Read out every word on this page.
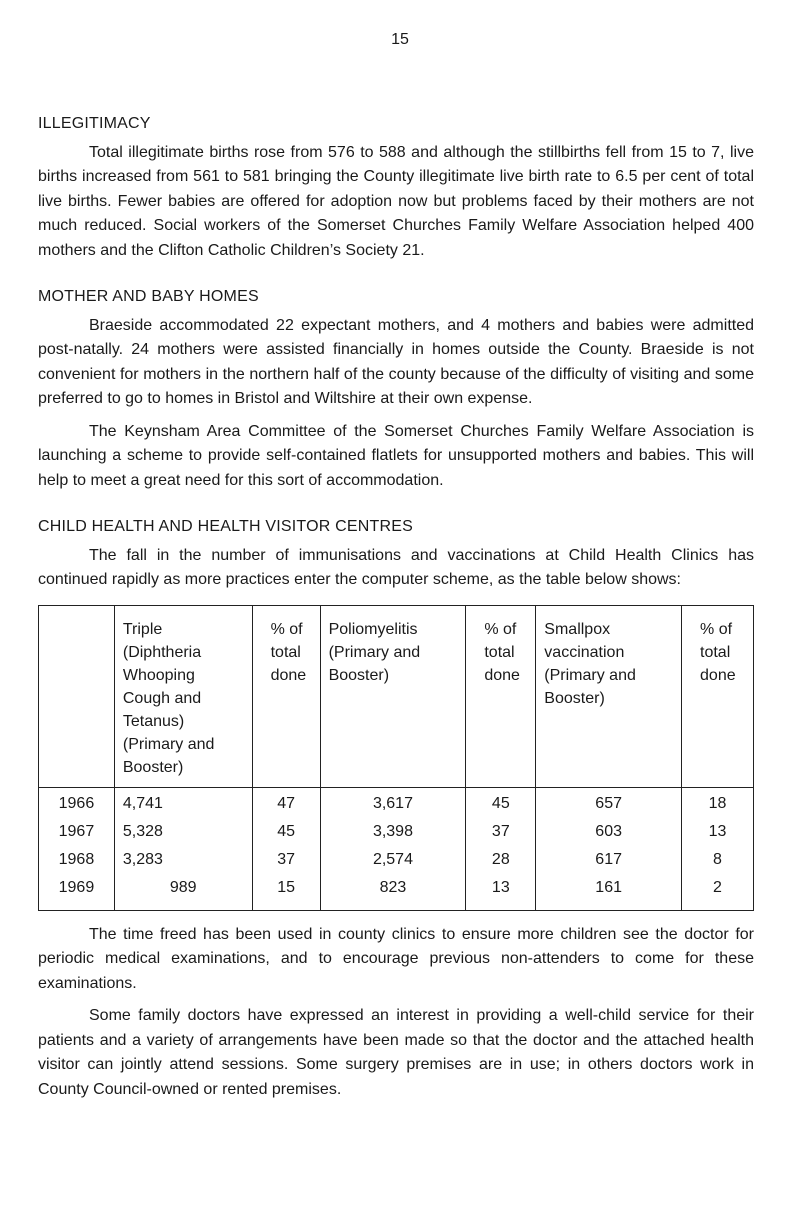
15
ILLEGITIMACY

Total illegitimate births rose from 576 to 588 and although the stillbirths fell from 15 to 7, live births increased from 561 to 581 bringing the County illegitimate live birth rate to 6.5 per cent of total live births. Fewer babies are offered for adoption now but problems faced by their mothers are not much reduced. Social workers of the Somerset Churches Family Welfare Association helped 400 mothers and the Clifton Catholic Children’s Society 21.

MOTHER AND BABY HOMES

Braeside accommodated 22 expectant mothers, and 4 mothers and babies were admitted post-natally. 24 mothers were assisted financially in homes outside the County. Braeside is not convenient for mothers in the northern half of the county because of the difficulty of visiting and some preferred to go to homes in Bristol and Wiltshire at their own expense.

The Keynsham Area Committee of the Somerset Churches Family Welfare Association is launching a scheme to provide self-contained flatlets for unsupported mothers and babies. This will help to meet a great need for this sort of accommodation.

CHILD HEALTH AND HEALTH VISITOR CENTRES

The fall in the number of immunisations and vaccinations at Child Health Clinics has continued rapidly as more practices enter the computer scheme, as the table below shows:

	Triple (Diphtheria Whooping Cough and Tetanus) (Primary and Booster)	% of total done	Poliomyelitis (Primary and Booster)	% of total done	Smallpox vaccination (Primary and Booster)	% of total done
1966	4,741	47	3,617	45	657	18
1967	5,328	45	3,398	37	603	13
1968	3,283	37	2,574	28	617	8
1969	989	15	823	13	161	2

The time freed has been used in county clinics to ensure more children see the doctor for periodic medical examinations, and to encourage previous non-attenders to come for these examinations.

Some family doctors have expressed an interest in providing a well-child service for their patients and a variety of arrangements have been made so that the doctor and the attached health visitor can jointly attend sessions. Some surgery premises are in use; in others doctors work in County Council-owned or rented premises.
